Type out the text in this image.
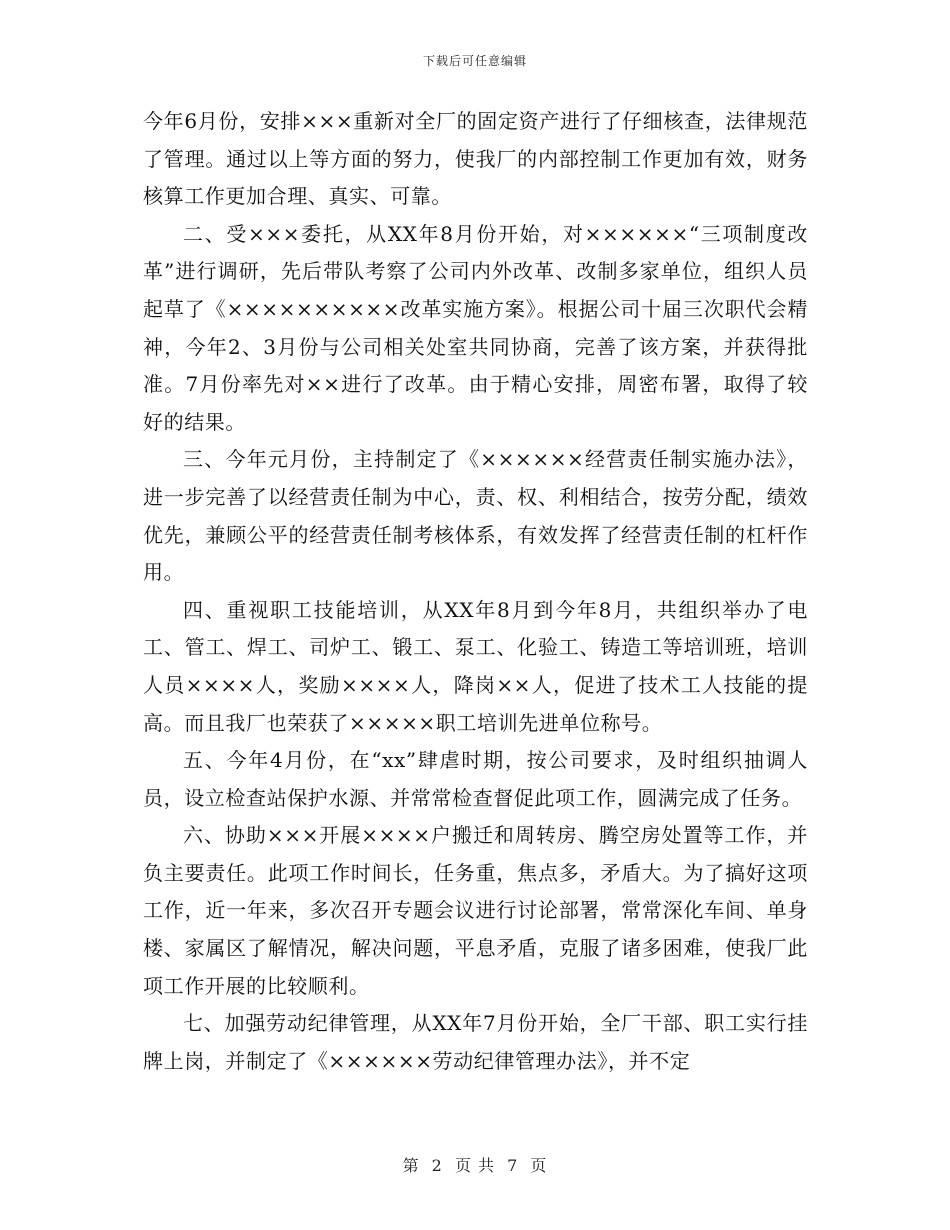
下载后可任意编辑

今年6月份，安排×××重新对全厂的固定资产进行了仔细核查，法律规范了管理。通过以上等方面的努力，使我厂的内部控制工作更加有效，财务核算工作更加合理、真实、可靠。

二、受×××委托，从XX年8月份开始，对××××××“三项制度改革”进行调研，先后带队考察了公司内外改革、改制多家单位，组织人员起草了《××××××××××改革实施方案》。根据公司十届三次职代会精神，今年2、3月份与公司相关处室共同协商，完善了该方案，并获得批准。7月份率先对××进行了改革。由于精心安排，周密布署，取得了较好的结果。

三、今年元月份，主持制定了《××××××经营责任制实施办法》，进一步完善了以经营责任制为中心，责、权、利相结合，按劳分配，绩效优先，兼顾公平的经营责任制考核体系，有效发挥了经营责任制的杠杆作用。

四、重视职工技能培训，从XX年8月到今年8月，共组织举办了电工、管工、焊工、司炉工、锻工、泵工、化验工、铸造工等培训班，培训人员××××人，奖励××××人，降岗××人，促进了技术工人技能的提高。而且我厂也荣获了×××××职工培训先进单位称号。

五、今年4月份，在“xx”肆虐时期，按公司要求，及时组织抽调人员，设立检查站保护水源、并常常检查督促此项工作，圆满完成了任务。

六、协助×××开展××××户搬迁和周转房、腾空房处置等工作，并负主要责任。此项工作时间长，任务重，焦点多，矛盾大。为了搞好这项工作，近一年来，多次召开专题会议进行讨论部署，常常深化车间、单身楼、家属区了解情况，解决问题，平息矛盾，克服了诸多困难，使我厂此项工作开展的比较顺利。

七、加强劳动纪律管理，从XX年7月份开始，全厂干部、职工实行挂牌上岗，并制定了《××××××劳动纪律管理办法》，并不定

第 2 页 共 7 页
